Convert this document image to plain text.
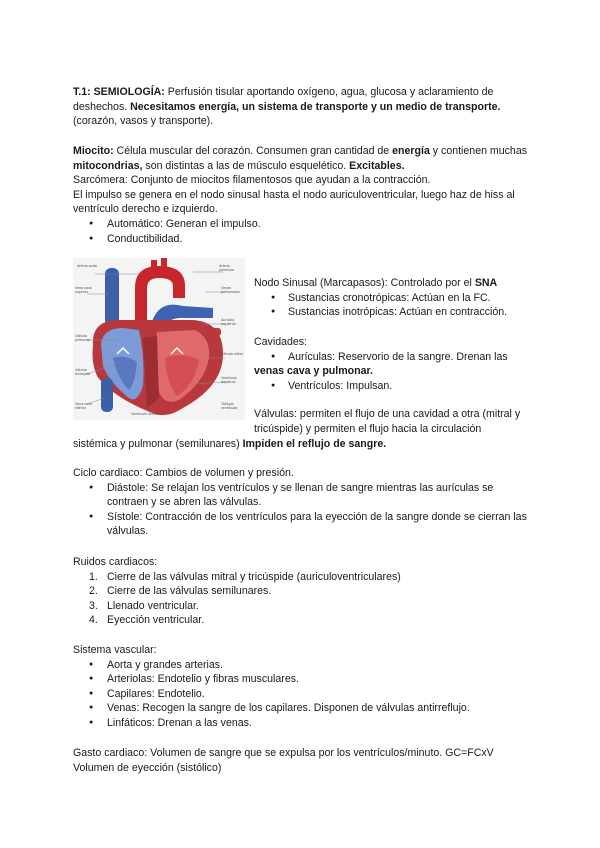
T.1: SEMIOLOGÍA: Perfusión tisular aportando oxígeno, agua, glucosa y aclaramiento de deshechos. Necesitamos energía, un sistema de transporte y un medio de transporte. (corazón, vasos y transporte).

Miocito: Célula muscular del corazón. Consumen gran cantidad de energía y contienen muchas mitocondrias, son distintas a las de músculo esquelético. Excitables.

Sarcómera: Conjunto de miocitos filamentosos que ayudan a la contracción.

El impulso se genera en el nodo sinusal hasta el nodo auriculoventricular, luego haz de hiss al ventrículo derecho e izquierdo.

● Automático: Generan el impulso.
● Conductibilidad.
Arteria aorta
Vena cava superior
Válvula pulmonar
Válvula tricúspide
Vena cava inferior
Ventrículo derecho
Arteria pulmonar
Venas pulmonares
Aurícula izquierda
Válvula mitral
Ventrículo izquierdo
Tabique ventricular

Nodo Sinusal (Marcapasos): Controlado por el SNA

● Sustancias cronotrópicas: Actúan en la FC.
● Sustancias inotrópicas: Actúan en contracción.

Cavidades:

● Aurículas: Reservorio de la sangre. Drenan las

venas cava y pulmonar.

● Ventrículos: Impulsan.

Válvulas: permiten el flujo de una cavidad a otra (mitral y tricúspide) y permiten el flujo hacia la circulación

sistémica y pulmonar (semilunares) Impiden el reflujo de sangre.

Ciclo cardiaco: Cambios de volumen y presión.

● Diástole: Se relajan los ventrículos y se llenan de sangre mientras las aurículas se contraen y se abren las válvulas.
● Sístole: Contracción de los ventrículos para la eyección de la sangre donde se cierran las válvulas.

Ruidos cardiacos:

1. Cierre de las válvulas mitral y tricúspide (auriculoventriculares)
2. Cierre de las válvulas semilunares.
3. Llenado ventricular.
4. Eyección ventricular.

Sistema vascular:

● Aorta y grandes arterias.
● Arteriolas: Endotelio y fibras musculares.
● Capilares: Endotelio.
● Venas: Recogen la sangre de los capilares. Disponen de válvulas antirreflujo.
● Linfáticos: Drenan a las venas.

Gasto cardiaco: Volumen de sangre que se expulsa por los ventrículos/minuto. GC=FCxV Volumen de eyección (sistólico)
